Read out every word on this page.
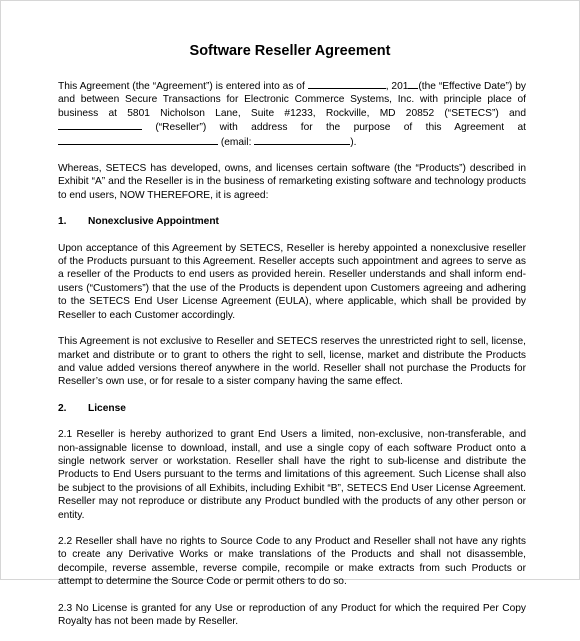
Software Reseller Agreement

This Agreement (the “Agreement”) is entered into as of	, 201 (the “Effective Date”) by and between Secure Transactions for Electronic Commerce Systems, Inc. with principle place of business at 5801 Nicholson Lane, Suite #1233, Rockville, MD 20852 (“SETECS”) and  (“Reseller”) with address for the purpose of this Agreement at  (email:	).

Whereas, SETECS has developed, owns, and licenses certain software (the “Products”) described in Exhibit “A” and the Reseller is in the business of remarketing existing software and technology products to end users, NOW THEREFORE, it is agreed:

1. Nonexclusive Appointment

Upon acceptance of this Agreement by SETECS, Reseller is hereby appointed a nonexclusive reseller of the Products pursuant to this Agreement. Reseller accepts such appointment and agrees to serve as a reseller of the Products to end users as provided herein. Reseller understands and shall inform end-users (“Customers”) that the use of the Products is dependent upon Customers agreeing and adhering to the SETECS End User License Agreement (EULA), where applicable, which shall be provided by Reseller to each Customer accordingly.

This Agreement is not exclusive to Reseller and SETECS reserves the unrestricted right to sell, license, market and distribute or to grant to others the right to sell, license, market and distribute the Products and value added versions thereof anywhere in the world. Reseller shall not purchase the Products for Reseller’s own use, or for resale to a sister company having the same effect.

2. License

2.1 Reseller is hereby authorized to grant End Users a limited, non-exclusive, non-transferable, and non-assignable license to download, install, and use a single copy of each software Product onto a single network server or workstation. Reseller shall have the right to sub-license and distribute the Products to End Users pursuant to the terms and limitations of this agreement. Such License shall also be subject to the provisions of all Exhibits, including Exhibit “B”, SETECS End User License Agreement. Reseller may not reproduce or distribute any Product bundled with the products of any other person or entity.

2.2 Reseller shall have no rights to Source Code to any Product and Reseller shall not have any rights to create any Derivative Works or make translations of the Products and shall not disassemble, decompile, reverse assemble, reverse compile, recompile or make extracts from such Products or attempt to determine the Source Code or permit others to do so.

2.3 No License is granted for any Use or reproduction of any Product for which the required Per Copy Royalty has not been made by Reseller.
